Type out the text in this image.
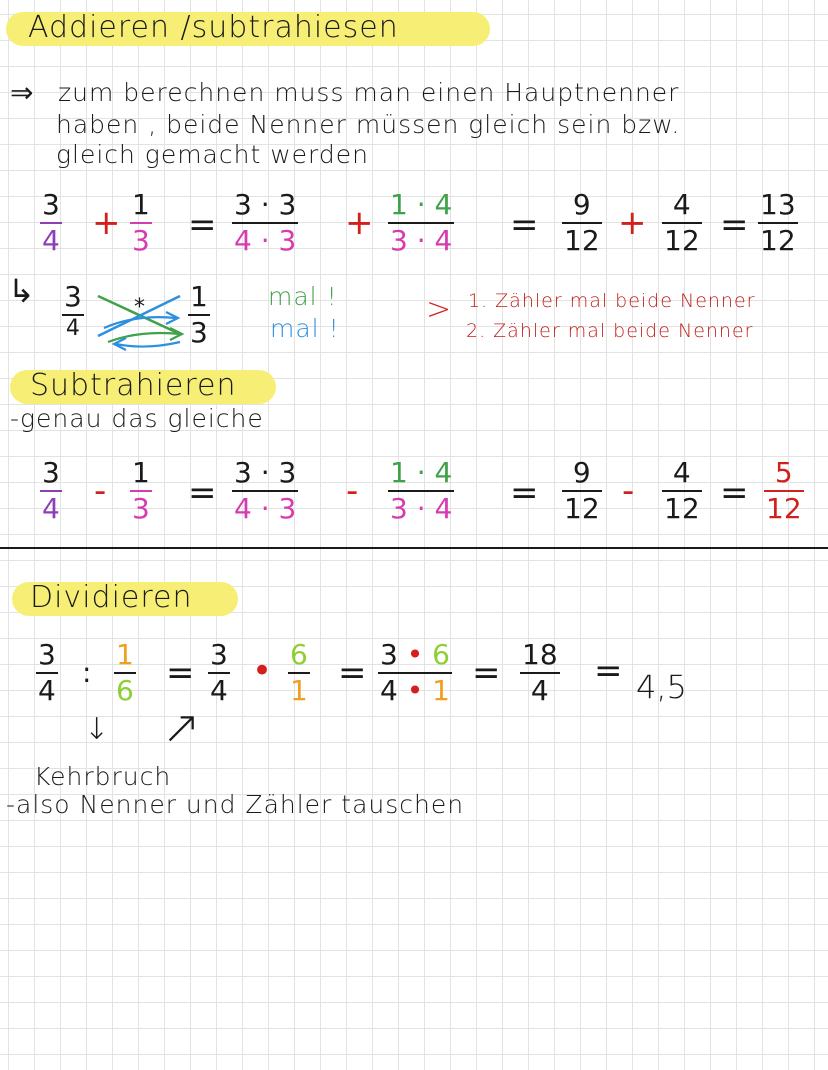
Addieren /subtrahiesen
⇒ zum berechnen muss man einen Hauptnenner
haben , beide Nenner müssen gleich sein bzw.
gleich gemacht werden
3
4 + 1
3 =
3 · 3
4 · 3 + 1 · 4
3 · 4 =
9
12 + 4
12 =
13
12
↳ 3
4
* 1
3
mal !
mal !
> 1. Zähler mal beide Nenner
2. Zähler mal beide Nenner
Subtrahieren
-genau das gleiche
3
4 - 1
3 =
3 · 3
4 · 3 - 1 · 4
3 · 4 =
9
12 - 4
12 =
5
12
Dividieren
3
4
:
1
6 = 3
4 • 6
1 = 3 • 6
4 • 1 = 18
4 = 4,5
↓ ↗
Kehrbruch
-also Nenner und Zähler tauschen
